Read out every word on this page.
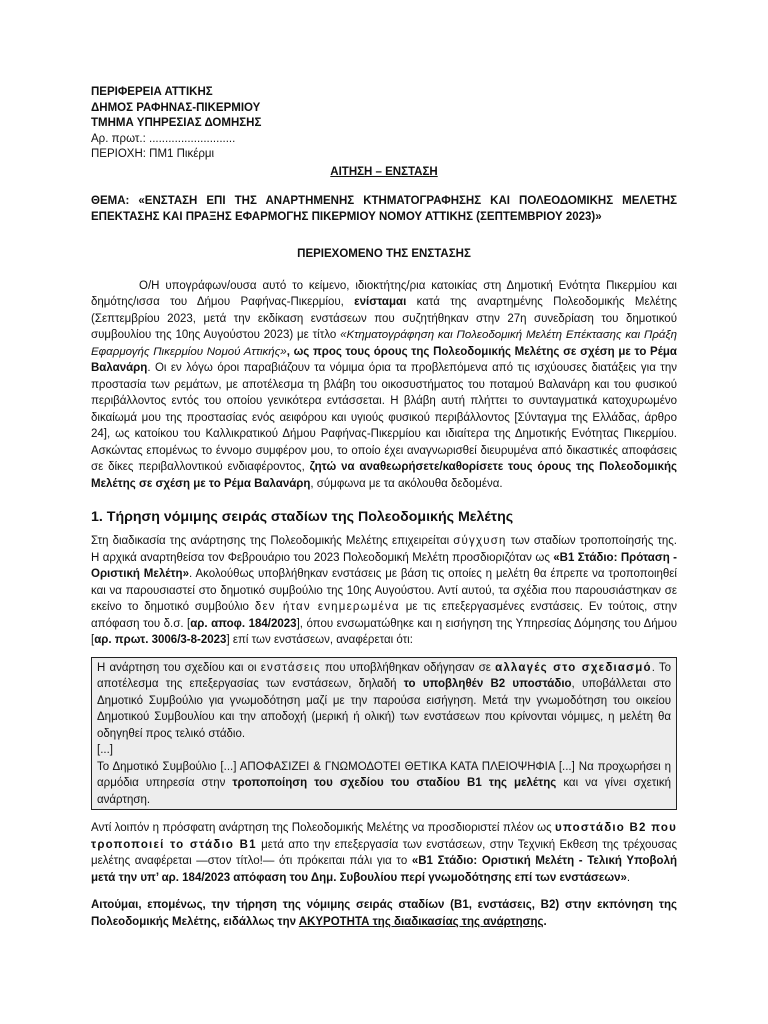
ΠΕΡΙΦΕΡΕΙΑ ΑΤΤΙΚΗΣ
ΔΗΜΟΣ ΡΑΦΗΝΑΣ-ΠΙΚΕΡΜΙΟΥ
ΤΜΗΜΑ ΥΠΗΡΕΣΙΑΣ ΔΟΜΗΣΗΣ
Αρ. πρωτ.: ...........................
ΠΕΡΙΟΧΗ: ΠΜ1 Πικέρμι
ΑΙΤΗΣΗ – ΕΝΣΤΑΣΗ
ΘΕΜΑ: «ΕΝΣΤΑΣΗ ΕΠΙ ΤΗΣ ΑΝΑΡΤΗΜΕΝΗΣ ΚΤΗΜΑΤΟΓΡΑΦΗΣΗΣ ΚΑΙ ΠΟΛΕΟΔΟΜΙΚΗΣ ΜΕΛΕΤΗΣ ΕΠΕΚΤΑΣΗΣ ΚΑΙ ΠΡΑΞΗΣ ΕΦΑΡΜΟΓΗΣ ΠΙΚΕΡΜΙΟΥ ΝΟΜΟΥ ΑΤΤΙΚΗΣ (ΣΕΠΤΕΜΒΡΙΟΥ 2023)»
ΠΕΡΙΕΧΟΜΕΝΟ ΤΗΣ ΕΝΣΤΑΣΗΣ

Ο/Η υπογράφων/ουσα αυτό το κείμενο, ιδιοκτήτης/ρια κατοικίας στη Δημοτική Ενότητα Πικερμίου και δημότης/ισσα του Δήμου Ραφήνας-Πικερμίου, ενίσταμαι κατά της αναρτημένης Πολεοδομικής Μελέτης (Σεπτεμβρίου 2023, μετά την εκδίκαση ενστάσεων που συζητήθηκαν στην 27η συνεδρίαση του δημοτικού συμβουλίου της 10ης Αυγούστου 2023) με τίτλο «Κτηματογράφηση και Πολεοδομική Μελέτη Επέκτασης και Πράξη Εφαρμογής Πικερμίου Νομού Αττικής», ως προς τους όρους της Πολεοδομικής Μελέτης σε σχέση με το Ρέμα Βαλανάρη. Οι εν λόγω όροι παραβιάζουν τα νόμιμα όρια τα προβλεπόμενα από τις ισχύουσες διατάξεις για την προστασία των ρεμάτων, με αποτέλεσμα τη βλάβη του οικοσυστήματος του ποταμού Βαλανάρη και του φυσικού περιβάλλοντος εντός του οποίου γενικότερα εντάσσεται. Η βλάβη αυτή πλήττει το συνταγματικά κατοχυρωμένο δικαίωμά μου της προστασίας ενός αειφόρου και υγιούς φυσικού περιβάλλοντος [Σύνταγμα της Ελλάδας, άρθρο 24], ως κατοίκου του Καλλικρατικού Δήμου Ραφήνας-Πικερμίου και ιδιαίτερα της Δημοτικής Ενότητας Πικερμίου. Ασκώντας επομένως το έννομο συμφέρον μου, το οποίο έχει αναγνωρισθεί διευρυμένα από δικαστικές αποφάσεις σε δίκες περιβαλλοντικού ενδιαφέροντος, ζητώ να αναθεωρήσετε/καθορίσετε τους όρους της Πολεοδομικής Μελέτης σε σχέση με το Ρέμα Βαλανάρη, σύμφωνα με τα ακόλουθα δεδομένα.

1. Τήρηση νόμιμης σειράς σταδίων της Πολεοδομικής Μελέτης

Στη διαδικασία της ανάρτησης της Πολεοδομικής Μελέτης επιχειρείται σύγχυση των σταδίων τροποποίησής της. Η αρχικά αναρτηθείσα τον Φεβρουάριο του 2023 Πολεοδομική Μελέτη προσδιοριζόταν ως «Β1 Στάδιο: Πρόταση - Οριστική Μελέτη». Ακολούθως υποβλήθηκαν ενστάσεις με βάση τις οποίες η μελέτη θα έπρεπε να τροποποιηθεί και να παρουσιαστεί στο δημοτικό συμβούλιο της 10ης Αυγούστου. Αντί αυτού, τα σχέδια που παρουσιάστηκαν σε εκείνο το δημοτικό συμβούλιο δεν ήταν ενημερωμένα με τις επεξεργασμένες ενστάσεις. Εν τούτοις, στην απόφαση του δ.σ. [αρ. αποφ. 184/2023], όπου ενσωματώθηκε και η εισήγηση της Υπηρεσίας Δόμησης του Δήμου [αρ. πρωτ. 3006/3-8-2023] επί των ενστάσεων, αναφέρεται ότι:

Η ανάρτηση του σχεδίου και οι ενστάσεις που υποβλήθηκαν οδήγησαν σε αλλαγές στο σχεδιασμό. Το αποτέλεσμα της επεξεργασίας των ενστάσεων, δηλαδή το υποβληθέν Β2 υποστάδιο, υποβάλλεται στο Δημοτικό Συμβούλιο για γνωμοδότηση μαζί με την παρούσα εισήγηση. Μετά την γνωμοδότηση του οικείου Δημοτικού Συμβουλίου και την αποδοχή (μερική ή ολική) των ενστάσεων που κρίνονται νόμιμες, η μελέτη θα οδηγηθεί προς τελικό στάδιο.

[...]

Το Δημοτικό Συμβούλιο [...] ΑΠΟΦΑΣΙΖΕΙ & ΓΝΩΜΟΔΟΤΕΙ ΘΕΤΙΚΑ ΚΑΤΑ ΠΛΕΙΟΨΗΦΙΑ [...] Να προχωρήσει η αρμόδια υπηρεσία στην τροποποίηση του σχεδίου του σταδίου Β1 της μελέτης και να γίνει σχετική ανάρτηση.

Αντί λοιπόν η πρόσφατη ανάρτηση της Πολεοδομικής Μελέτης να προσδιοριστεί πλέον ως υποστάδιο Β2 που τροποποιεί το στάδιο Β1 μετά απο την επεξεργασία των ενστάσεων, στην Τεχνική Εκθεση της τρέχουσας μελέτης αναφέρεται —στον τίτλο!— ότι πρόκειται πάλι για το «Β1 Στάδιο: Οριστική Μελέτη - Τελική Υποβολή μετά την υπ’ αρ. 184/2023 απόφαση του Δημ. Συβουλίου περί γνωμοδότησης επί των ενστάσεων».

Αιτούμαι, επομένως, την τήρηση της νόμιμης σειράς σταδίων (Β1, ενστάσεις, Β2) στην εκπόνηση της Πολεοδομικής Μελέτης, ειδάλλως την ΑΚΥΡΟΤΗΤΑ της διαδικασίας της ανάρτησης.
